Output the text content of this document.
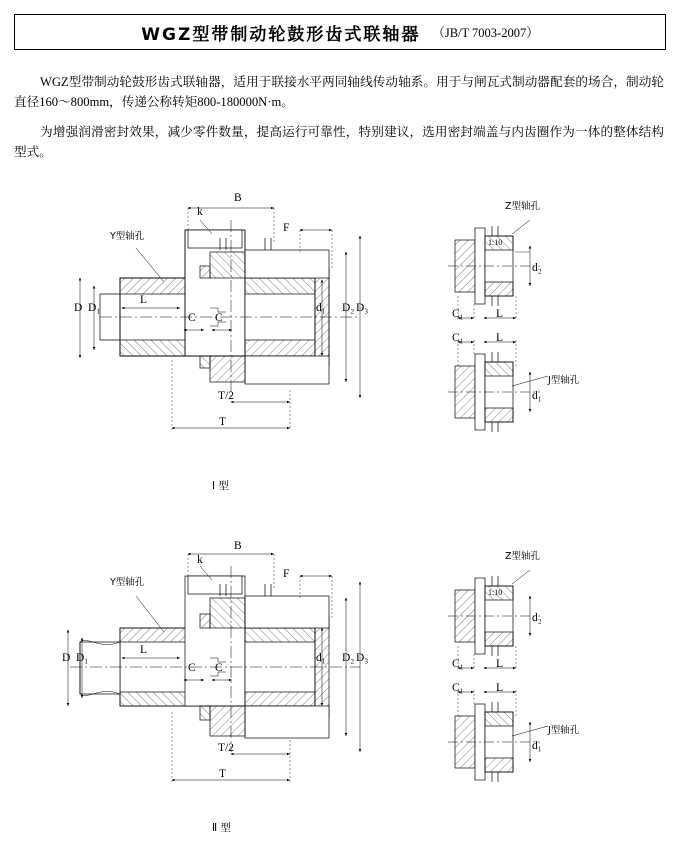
WGZ型带制动轮鼓形齿式联轴器 （JB/T 7003-2007）
WGZ型带制动轮鼓形齿式联轴器，适用于联接水平两同轴线传动轴系。用于与闸瓦式制动器配套的场合，制动轮直径160～800mm，传递公称转矩800-180000N·m。
为增强润滑密封效果，减少零件数量，提高运行可靠性，特别建议，选用密封端盖与内齿圈作为一体的整体结构型式。
B
k
F
Y型轴孔
L
C C
D D₁	D₂ D₃
d₁
T/2
T
Z型轴孔
1:10
d₂
C₁	L
C₁	L
J型轴孔
d₁
Ⅰ 型
B
k
F
Y型轴孔
L
C C
D D₁	D₂ D₃
d₁
T/2
T
Z型轴孔
1:10
d₂
C₁	L
C₁	L
J型轴孔
d₁
Ⅱ 型
